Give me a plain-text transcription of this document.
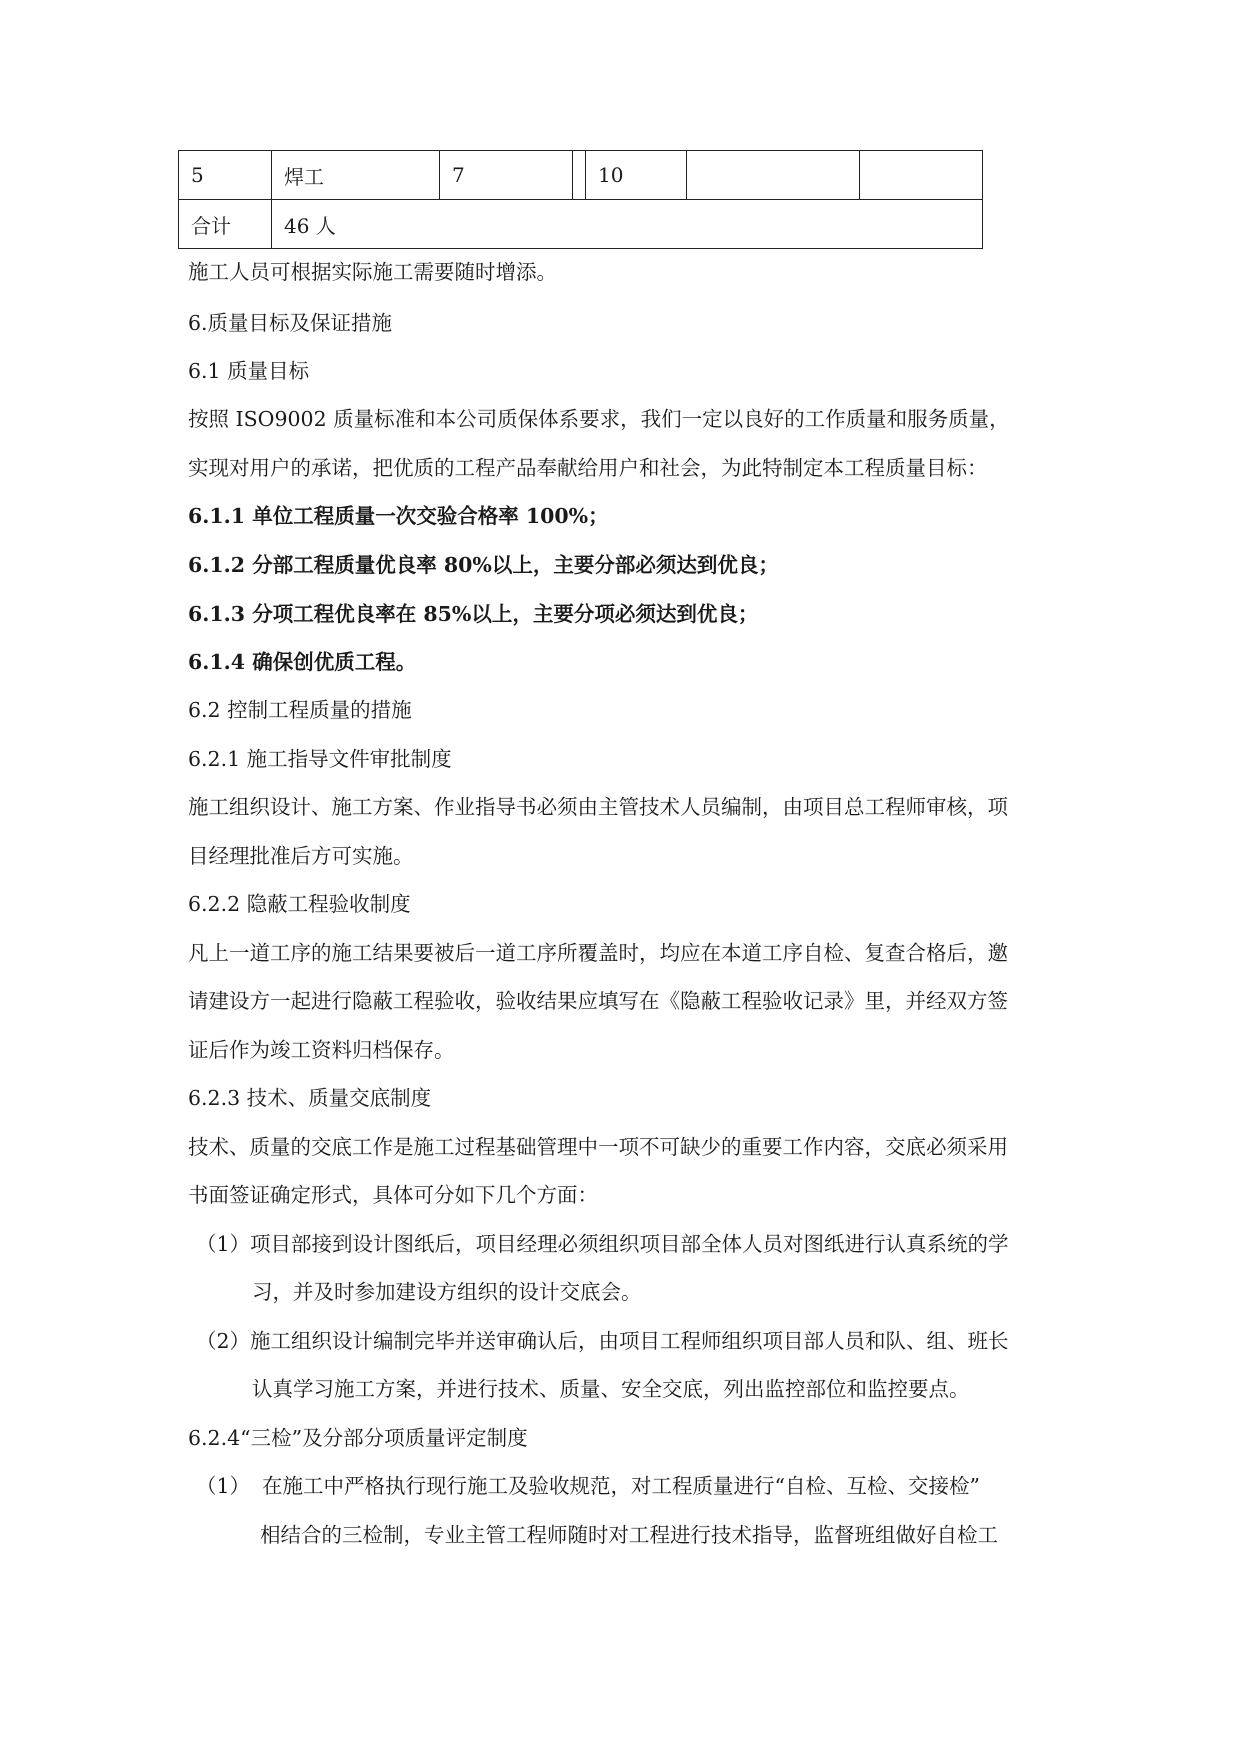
5	焊工	7		10		
合计	46 人					
施工人员可根据实际施工需要随时增添。
6.质量目标及保证措施
6.1 质量目标
按照 ISO9002 质量标准和本公司质保体系要求，我们一定以良好的工作质量和服务质量，
实现对用户的承诺，把优质的工程产品奉献给用户和社会，为此特制定本工程质量目标：
6.1.1 单位工程质量一次交验合格率 100%；
6.1.2 分部工程质量优良率 80%以上，主要分部必须达到优良；
6.1.3 分项工程优良率在 85%以上，主要分项必须达到优良；
6.1.4 确保创优质工程。
6.2 控制工程质量的措施
6.2.1 施工指导文件审批制度
施工组织设计、施工方案、作业指导书必须由主管技术人员编制，由项目总工程师审核，项
目经理批准后方可实施。
6.2.2 隐蔽工程验收制度
凡上一道工序的施工结果要被后一道工序所覆盖时，均应在本道工序自检、复查合格后，邀
请建设方一起进行隐蔽工程验收，验收结果应填写在《隐蔽工程验收记录》里，并经双方签
证后作为竣工资料归档保存。
6.2.3 技术、质量交底制度
技术、质量的交底工作是施工过程基础管理中一项不可缺少的重要工作内容，交底必须采用
书面签证确定形式，具体可分如下几个方面：
（1）项目部接到设计图纸后，项目经理必须组织项目部全体人员对图纸进行认真系统的学
习，并及时参加建设方组织的设计交底会。
（2）施工组织设计编制完毕并送审确认后，由项目工程师组织项目部人员和队、组、班长
认真学习施工方案，并进行技术、质量、安全交底，列出监控部位和监控要点。
6.2.4“三检”及分部分项质量评定制度
（1） 在施工中严格执行现行施工及验收规范，对工程质量进行“自检、互检、交接检”
相结合的三检制，专业主管工程师随时对工程进行技术指导，监督班组做好自检工
